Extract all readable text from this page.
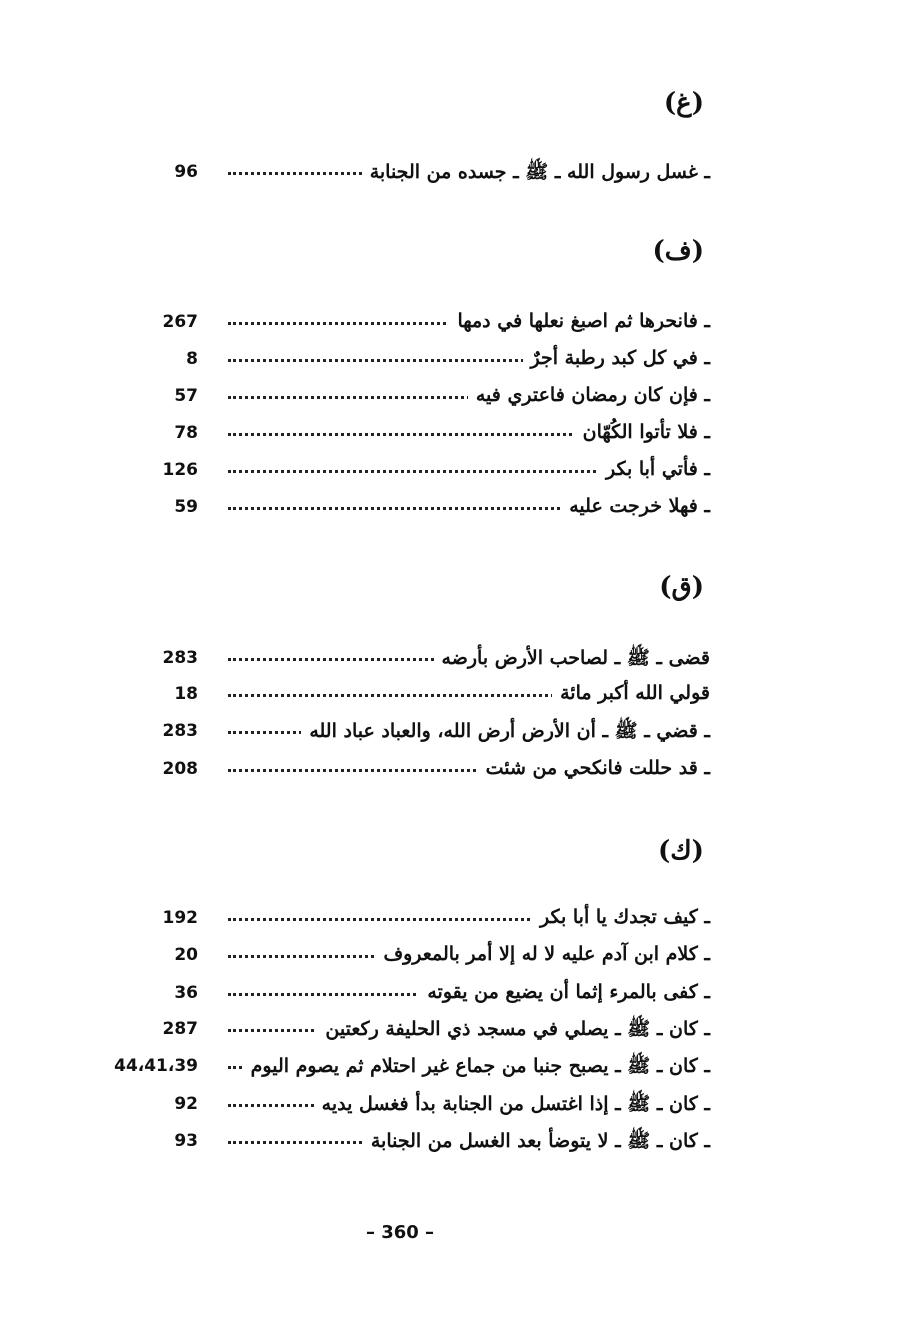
(غ)
96	ـ غسل رسول الله ـ ﷺ ـ جسده من الجنابة
(ف)
267	ـ فانحرها ثم اصبغ نعلها في دمها
8	ـ في كل كبد رطبة أجرٌ
57	ـ فإن كان رمضان فاعتري فيه
78	ـ فلا تأتوا الكُهّان
126	ـ فأتي أبا بكر
59	ـ فهلا خرجت عليه
(ق)
283	قضى ـ ﷺ ـ لصاحب الأرض بأرضه
18	قولي الله أكبر مائة
283	ـ قضي ـ ﷺ ـ أن الأرض أرض الله، والعباد عباد الله
208	ـ قد حللت فانكحي من شئت
(ك)
192	ـ كيف تجدك يا أبا بكر
20	ـ كلام ابن آدم عليه لا له إلا أمر بالمعروف
36	ـ كفى بالمرء إثما أن يضيع من يقوته
287	ـ كان ـ ﷺ ـ يصلي في مسجد ذي الحليفة ركعتين
44،41،39	ـ كان ـ ﷺ ـ يصبح جنبا من جماع غير احتلام ثم يصوم اليوم
92	ـ كان ـ ﷺ ـ إذا اغتسل من الجنابة بدأ فغسل يديه
93	ـ كان ـ ﷺ ـ لا يتوضأ بعد الغسل من الجنابة
– 360 –
